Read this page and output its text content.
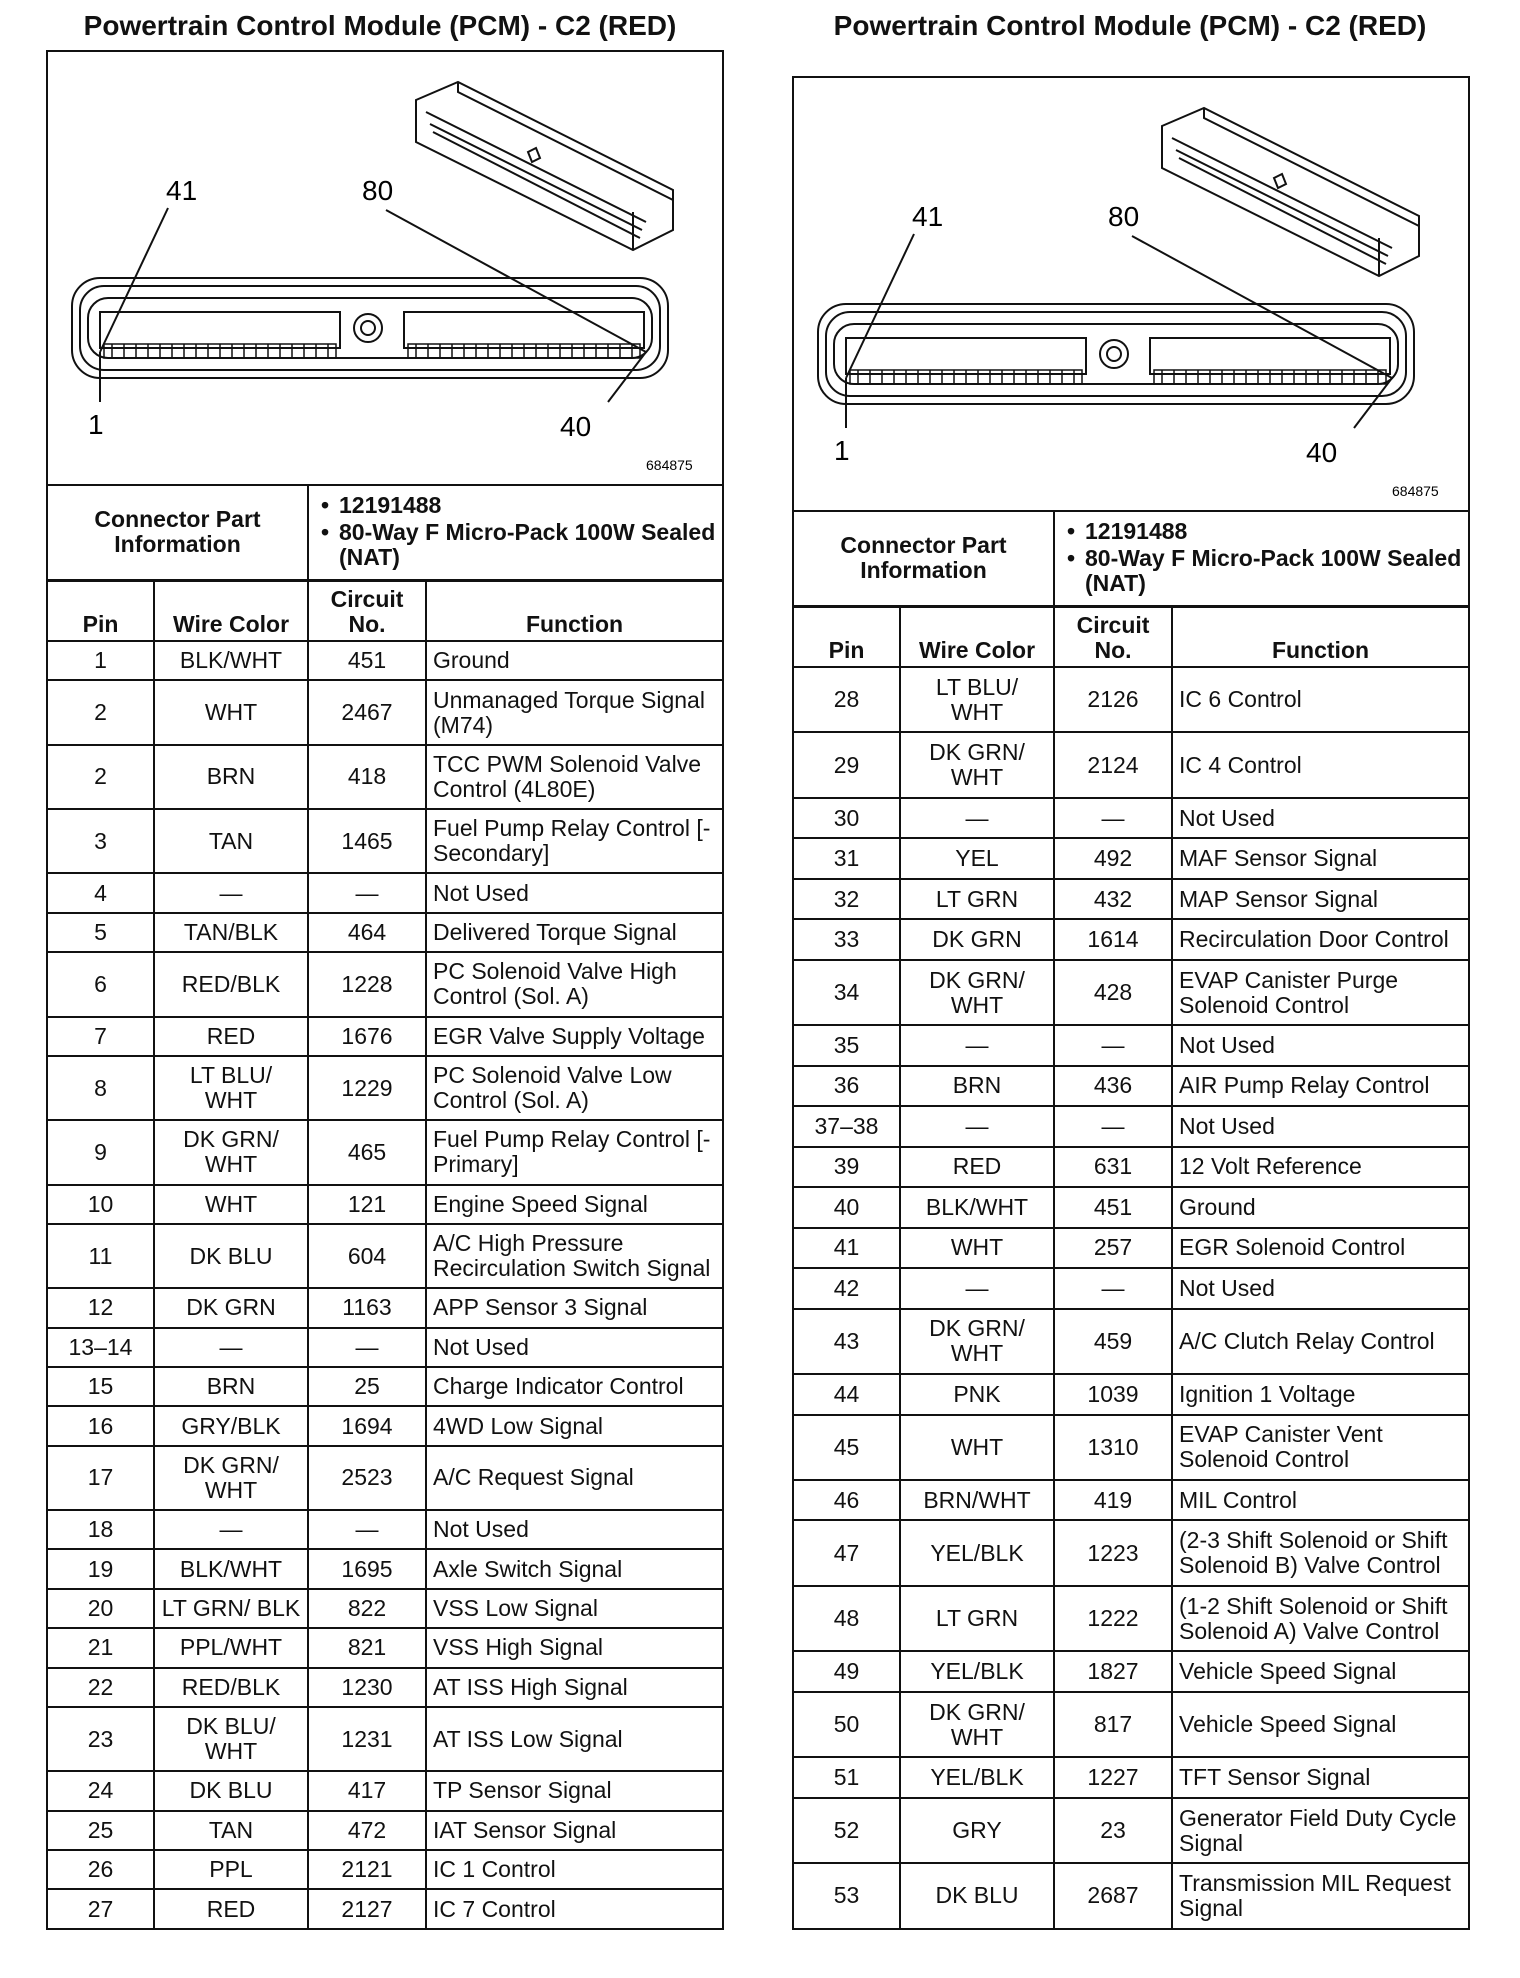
Powertrain Control Module (PCM) - C2 (RED)
41	80
1	40
684875
Connector Part Information	
• 12191488
• 80-Way F Micro-Pack 100W Sealed (NAT)
Pin	Wire Color	Circuit No.	Function
1	BLK/WHT	451	Ground
2	WHT	2467	Unmanaged Torque Signal (M74)
2	BRN	418	TCC PWM Solenoid Valve Control (4L80E)
3	TAN	1465	Fuel Pump Relay Control [- Secondary]
4	—	—	Not Used
5	TAN/BLK	464	Delivered Torque Signal
6	RED/BLK	1228	PC Solenoid Valve High Control (Sol. A)
7	RED	1676	EGR Valve Supply Voltage
8	LT BLU/ WHT	1229	PC Solenoid Valve Low Control (Sol. A)
9	DK GRN/ WHT	465	Fuel Pump Relay Control [- Primary]
10	WHT	121	Engine Speed Signal
11	DK BLU	604	A/C High Pressure Recirculation Switch Signal
12	DK GRN	1163	APP Sensor 3 Signal
13–14	—	—	Not Used
15	BRN	25	Charge Indicator Control
16	GRY/BLK	1694	4WD Low Signal
17	DK GRN/ WHT	2523	A/C Request Signal
18	—	—	Not Used
19	BLK/WHT	1695	Axle Switch Signal
20	LT GRN/ BLK	822	VSS Low Signal
21	PPL/WHT	821	VSS High Signal
22	RED/BLK	1230	AT ISS High Signal
23	DK BLU/ WHT	1231	AT ISS Low Signal
24	DK BLU	417	TP Sensor Signal
25	TAN	472	IAT Sensor Signal
26	PPL	2121	IC 1 Control
27	RED	2127	IC 7 Control
Powertrain Control Module (PCM) - C2 (RED)
41	80
1	40
684875
Connector Part Information	
• 12191488
• 80-Way F Micro-Pack 100W Sealed (NAT)
Pin	Wire Color	Circuit No.	Function
28	LT BLU/ WHT	2126	IC 6 Control
29	DK GRN/ WHT	2124	IC 4 Control
30	—	—	Not Used
31	YEL	492	MAF Sensor Signal
32	LT GRN	432	MAP Sensor Signal
33	DK GRN	1614	Recirculation Door Control
34	DK GRN/ WHT	428	EVAP Canister Purge Solenoid Control
35	—	—	Not Used
36	BRN	436	AIR Pump Relay Control
37–38	—	—	Not Used
39	RED	631	12 Volt Reference
40	BLK/WHT	451	Ground
41	WHT	257	EGR Solenoid Control
42	—	—	Not Used
43	DK GRN/ WHT	459	A/C Clutch Relay Control
44	PNK	1039	Ignition 1 Voltage
45	WHT	1310	EVAP Canister Vent Solenoid Control
46	BRN/WHT	419	MIL Control
47	YEL/BLK	1223	(2-3 Shift Solenoid or Shift Solenoid B) Valve Control
48	LT GRN	1222	(1-2 Shift Solenoid or Shift Solenoid A) Valve Control
49	YEL/BLK	1827	Vehicle Speed Signal
50	DK GRN/ WHT	817	Vehicle Speed Signal
51	YEL/BLK	1227	TFT Sensor Signal
52	GRY	23	Generator Field Duty Cycle Signal
53	DK BLU	2687	Transmission MIL Request Signal
